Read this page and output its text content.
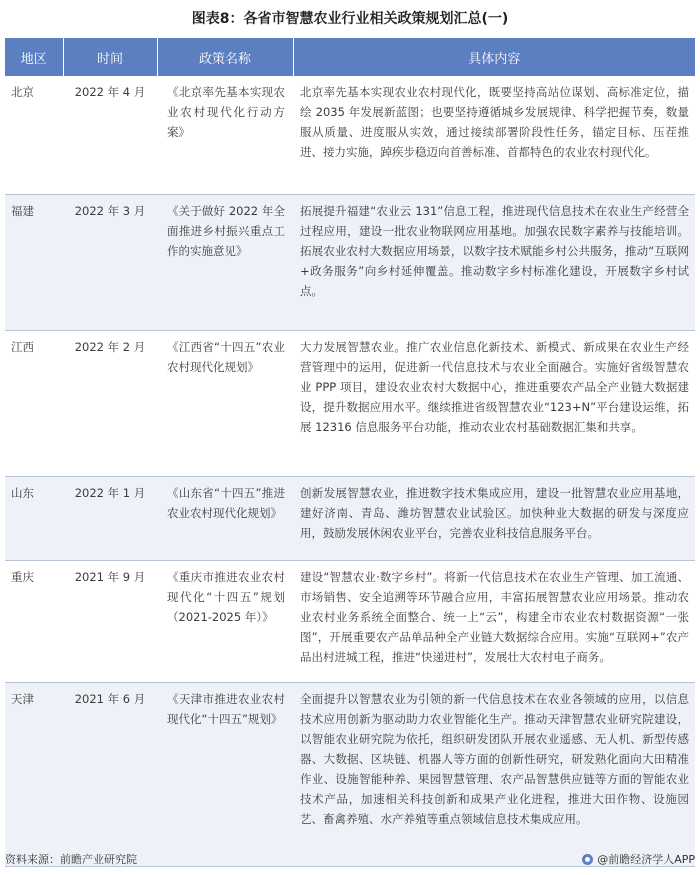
图表8：各省市智慧农业行业相关政策规划汇总(一)
地区	时间	政策名称	具体内容
北京	2022 年 4 月	《北京率先基本实现农业农村现代化行动方案》	北京率先基本实现农业农村现代化，既要坚持高站位谋划、高标准定位，描绘 2035 年发展新蓝图；也要坚持遵循城乡发展规律、科学把握节奏，数量服从质量、进度服从实效，通过接续部署阶段性任务，锚定目标、压茬推进、接力实施，踔疾步稳迈向首善标准、首都特色的农业农村现代化。
福建	2022 年 3 月	《关于做好 2022 年全面推进乡村振兴重点工作的实施意见》	拓展提升福建“农业云 131”信息工程，推进现代信息技术在农业生产经营全过程应用，建设一批农业物联网应用基地。加强农民数字素养与技能培训。拓展农业农村大数据应用场景，以数字技术赋能乡村公共服务，推动“互联网+政务服务”向乡村延伸覆盖。推动数字乡村标准化建设，开展数字乡村试点。
江西	2022 年 2 月	《江西省“十四五”农业农村现代化规划》	大力发展智慧农业。推广农业信息化新技术、新模式、新成果在农业生产经营管理中的运用，促进新一代信息技术与农业全面融合。实施好省级智慧农业 PPP 项目，建设农业农村大数据中心，推进重要农产品全产业链大数据建设，提升数据应用水平。继续推进省级智慧农业“123+N”平台建设运维，拓展 12316 信息服务平台功能，推动农业农村基础数据汇集和共享。
山东	2022 年 1 月	《山东省“十四五”推进农业农村现代化规划》	创新发展智慧农业，推进数字技术集成应用，建设一批智慧农业应用基地，建好济南、青岛、潍坊智慧农业试验区。加快种业大数据的研发与深度应用，鼓励发展休闲农业平台，完善农业科技信息服务平台。
重庆	2021 年 9 月	《重庆市推进农业农村现代化“十四五”规划（2021-2025 年）》	建设“智慧农业·数字乡村”。将新一代信息技术在农业生产管理、加工流通、市场销售、安全追溯等环节融合应用，丰富拓展智慧农业应用场景。推动农业农村业务系统全面整合、统一上“云”，构建全市农业农村数据资源“一张图”，开展重要农产品单品种全产业链大数据综合应用。实施“互联网+”农产品出村进城工程，推进“快递进村”，发展壮大农村电子商务。
天津	2021 年 6 月	《天津市推进农业农村现代化“十四五”规划》	全面提升以智慧农业为引领的新一代信息技术在农业各领域的应用，以信息技术应用创新为驱动助力农业智能化生产。推动天津智慧农业研究院建设，以智能农业研究院为依托，组织研发团队开展农业遥感、无人机、新型传感器、大数据、区块链、机器人等方面的创新性研究，研发熟化面向大田精准作业、设施智能种养、果园智慧管理、农产品智慧供应链等方面的智能农业技术产品，加速相关科技创新和成果产业化进程，推进大田作物、设施园艺、畜禽养殖、水产养殖等重点领域信息技术集成应用。
资料来源：前瞻产业研究院	@前瞻经济学人APP
